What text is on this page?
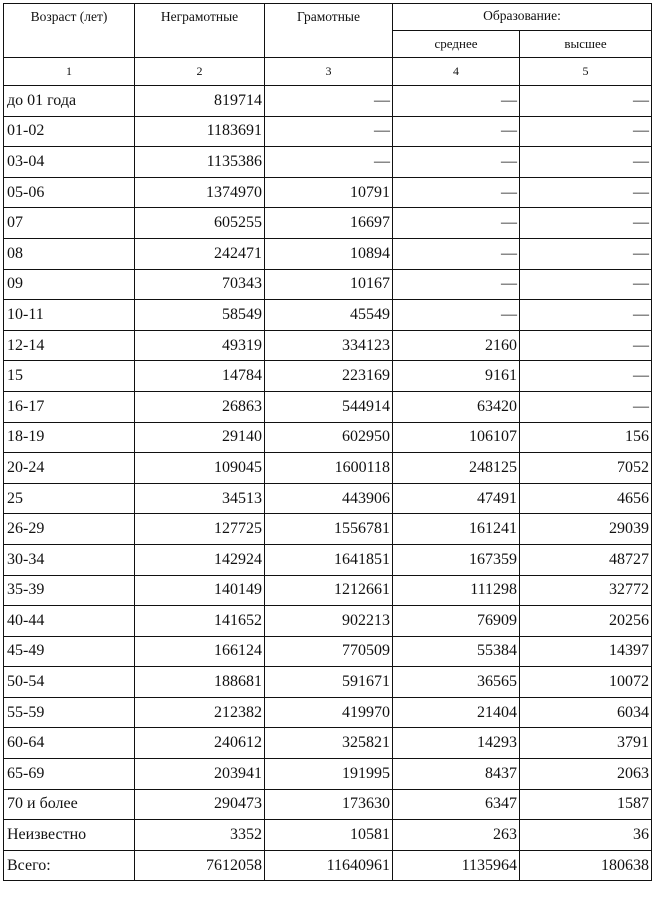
Возраст (лет)	Неграмотные	Грамотные	Образование:	
			среднее	высшее
1	2	3	4	5
до 01 года	819714	—	—	—
01-02	1183691	—	—	—
03-04	1135386	—	—	—
05-06	1374970	10791	—	—
07	605255	16697	—	—
08	242471	10894	—	—
09	70343	10167	—	—
10-11	58549	45549	—	—
12-14	49319	334123	2160	—
15	14784	223169	9161	—
16-17	26863	544914	63420	—
18-19	29140	602950	106107	156
20-24	109045	1600118	248125	7052
25	34513	443906	47491	4656
26-29	127725	1556781	161241	29039
30-34	142924	1641851	167359	48727
35-39	140149	1212661	111298	32772
40-44	141652	902213	76909	20256
45-49	166124	770509	55384	14397
50-54	188681	591671	36565	10072
55-59	212382	419970	21404	6034
60-64	240612	325821	14293	3791
65-69	203941	191995	8437	2063
70 и более	290473	173630	6347	1587
Неизвестно	3352	10581	263	36
Всего:	7612058	11640961	1135964	180638
